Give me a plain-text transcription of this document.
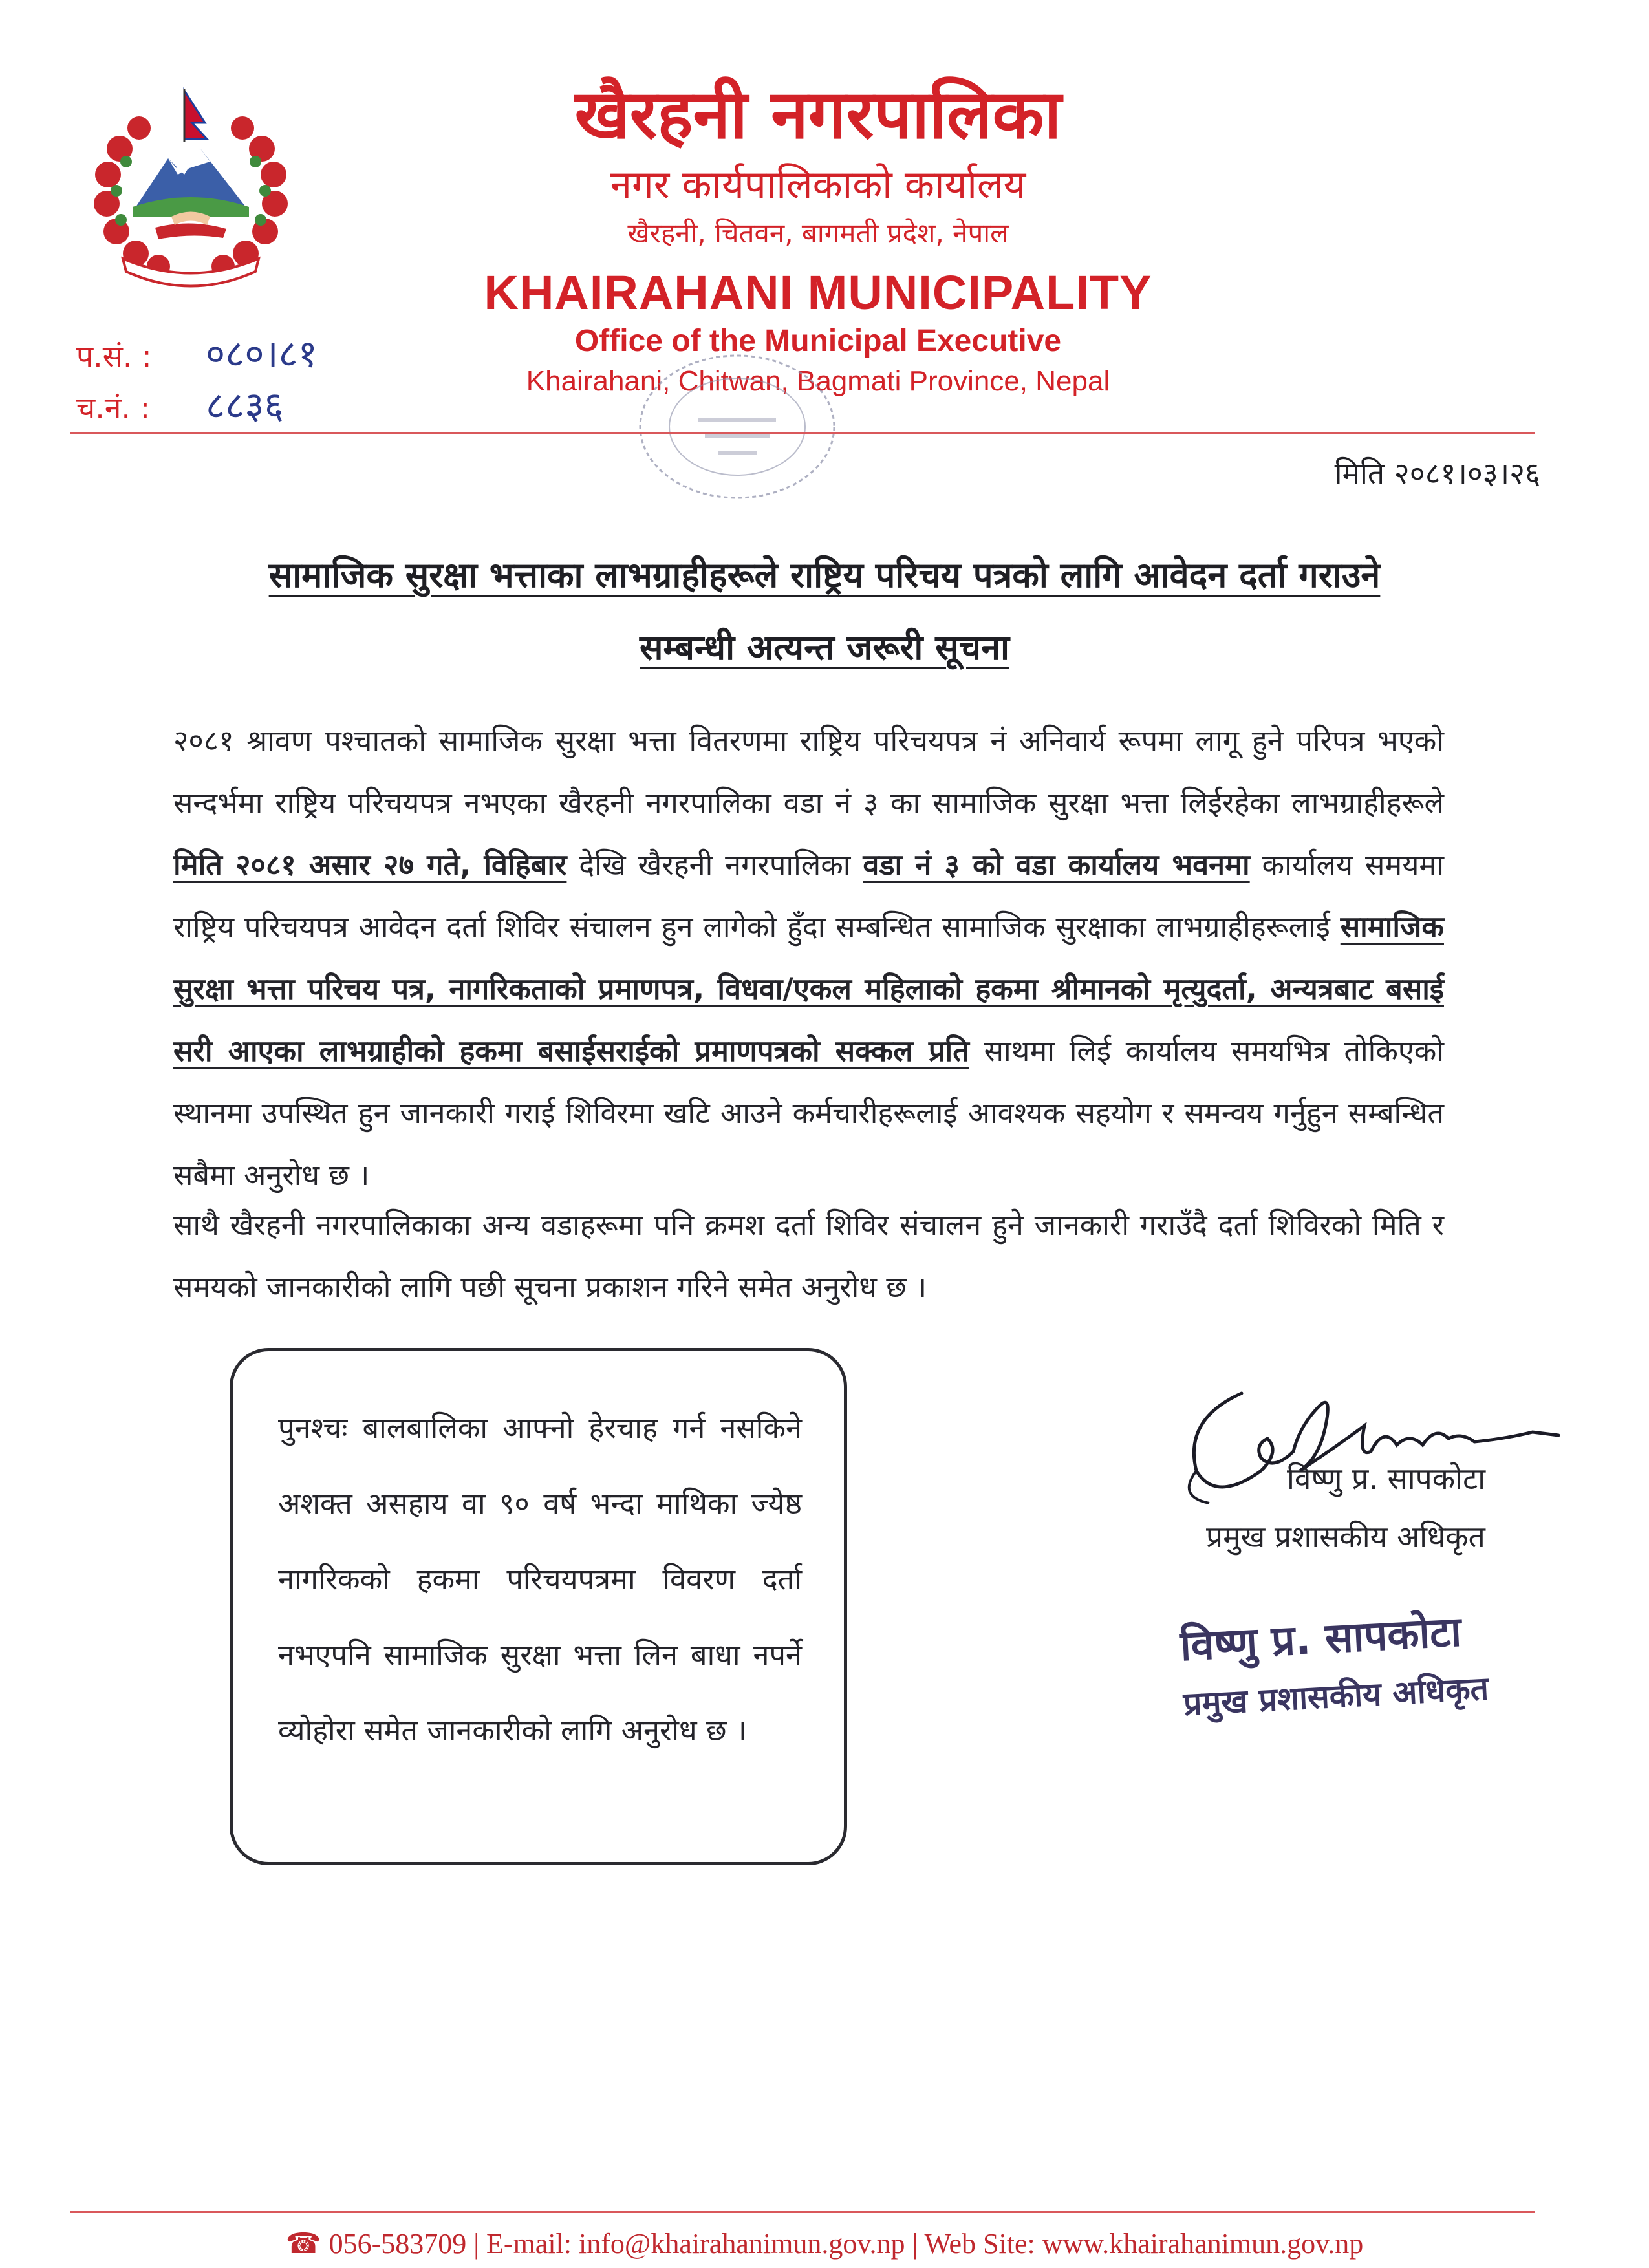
खैरहनी नगरपालिका
नगर कार्यपालिकाको कार्यालय
खैरहनी, चितवन, बागमती प्रदेश, नेपाल
KHAIRAHANI MUNICIPALITY
Office of the Municipal Executive
Khairahani, Chitwan, Bagmati Province, Nepal
प.सं. : ०८०।८१
च.नं. : ८८३६
मिति २०८१।०३।२६
सामाजिक सुरक्षा भत्ताका लाभग्राहीहरूले राष्ट्रिय परिचय पत्रको लागि आवेदन दर्ता गराउने
सम्बन्धी अत्यन्त जरूरी सूचना
२०८१ श्रावण पश्चातको सामाजिक सुरक्षा भत्ता वितरणमा राष्ट्रिय परिचयपत्र नं अनिवार्य रूपमा लागू हुने परिपत्र भएको सन्दर्भमा राष्ट्रिय परिचयपत्र नभएका खैरहनी नगरपालिका वडा नं ३ का सामाजिक सुरक्षा भत्ता लिईरहेका लाभग्राहीहरूले मिति २०८१ असार २७ गते, विहिबार देखि खैरहनी नगरपालिका वडा नं ३ को वडा कार्यालय भवनमा कार्यालय समयमा राष्ट्रिय परिचयपत्र आवेदन दर्ता शिविर संचालन हुन लागेको हुँदा सम्बन्धित सामाजिक सुरक्षाका लाभग्राहीहरूलाई सामाजिक सुरक्षा भत्ता परिचय पत्र, नागरिकताको प्रमाणपत्र, विधवा/एकल महिलाको हकमा श्रीमानको मृत्युदर्ता, अन्यत्रबाट बसाई सरी आएका लाभग्राहीको हकमा बसाईसराईको प्रमाणपत्रको सक्कल प्रति साथमा लिई कार्यालय समयभित्र तोकिएको स्थानमा उपस्थित हुन जानकारी गराई शिविरमा खटि आउने कर्मचारीहरूलाई आवश्यक सहयोग र समन्वय गर्नुहुन सम्बन्धित सबैमा अनुरोध छ ।
साथै खैरहनी नगरपालिकाका अन्य वडाहरूमा पनि क्रमश दर्ता शिविर संचालन हुने जानकारी गराउँदै दर्ता शिविरको मिति र समयको जानकारीको लागि पछी सूचना प्रकाशन गरिने समेत अनुरोध छ ।
पुनश्चः बालबालिका आफ्नो हेरचाह गर्न नसकिने अशक्त असहाय वा ९० वर्ष भन्दा माथिका ज्येष्ठ नागरिकको हकमा परिचयपत्रमा विवरण दर्ता नभएपनि सामाजिक सुरक्षा भत्ता लिन बाधा नपर्ने व्योहोरा समेत जानकारीको लागि अनुरोध छ ।
विष्णु प्र. सापकोटा
प्रमुख प्रशासकीय अधिकृत
विष्णु प्र. सापकोटा
प्रमुख प्रशासकीय अधिकृत
☎ 056-583709 | E-mail: info@khairahanimun.gov.np | Web Site: www.khairahanimun.gov.np
